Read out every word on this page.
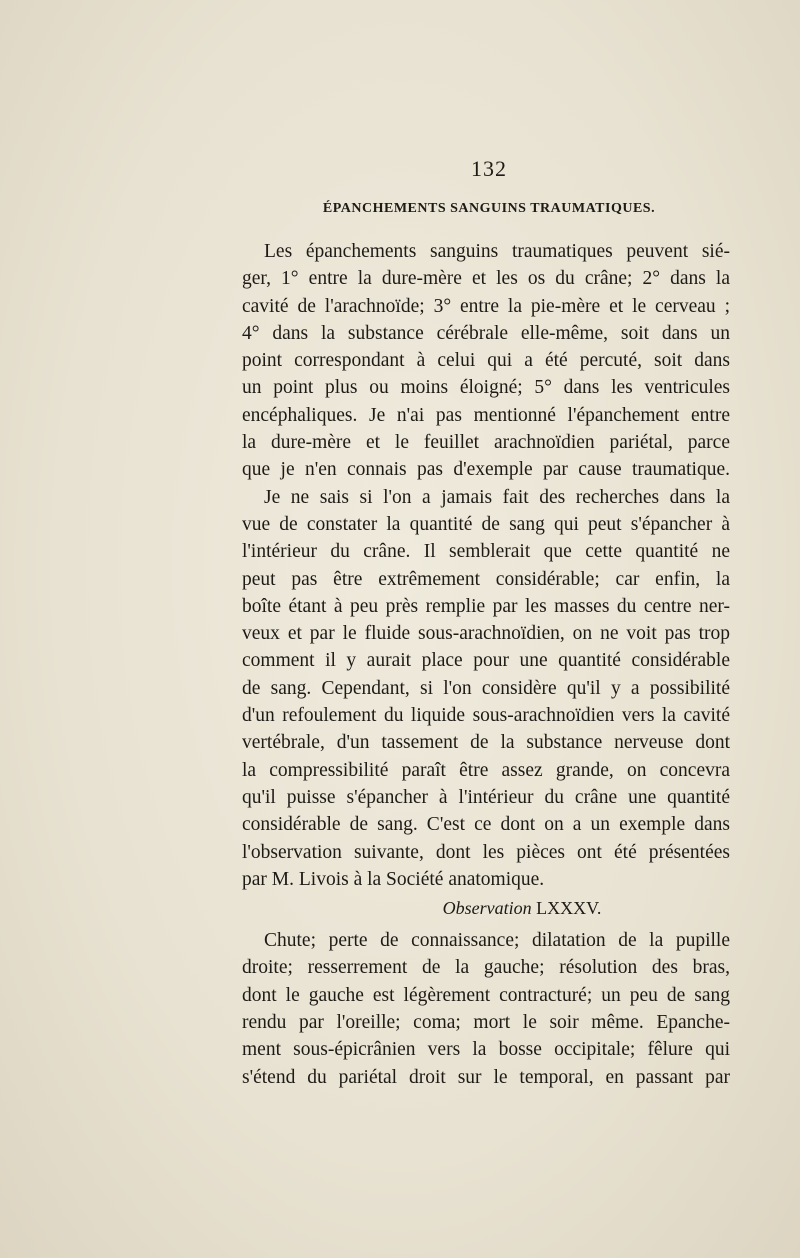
132
ÉPANCHEMENTS SANGUINS TRAUMATIQUES.
Les épanchements sanguins traumatiques peuvent sié-
ger, 1° entre la dure-mère et les os du crâne; 2° dans la
cavité de l'arachnoïde; 3° entre la pie-mère et le cerveau ;
4° dans la substance cérébrale elle-même, soit dans un
point correspondant à celui qui a été percuté, soit dans
un point plus ou moins éloigné; 5° dans les ventricules
encéphaliques. Je n'ai pas mentionné l'épanchement entre
la dure-mère et le feuillet arachnoïdien pariétal, parce
que je n'en connais pas d'exemple par cause traumatique.
Je ne sais si l'on a jamais fait des recherches dans la
vue de constater la quantité de sang qui peut s'épancher à
l'intérieur du crâne. Il semblerait que cette quantité ne
peut pas être extrêmement considérable; car enfin, la
boîte étant à peu près remplie par les masses du centre ner-
veux et par le fluide sous-arachnoïdien, on ne voit pas trop
comment il y aurait place pour une quantité considérable
de sang. Cependant, si l'on considère qu'il y a possibilité
d'un refoulement du liquide sous-arachnoïdien vers la cavité
vertébrale, d'un tassement de la substance nerveuse dont
la compressibilité paraît être assez grande, on concevra
qu'il puisse s'épancher à l'intérieur du crâne une quantité
considérable de sang. C'est ce dont on a un exemple dans
l'observation suivante, dont les pièces ont été présentées
par M. Livois à la Société anatomique.
Observation LXXXV.
Chute; perte de connaissance; dilatation de la pupille
droite; resserrement de la gauche; résolution des bras,
dont le gauche est légèrement contracturé; un peu de sang
rendu par l'oreille; coma; mort le soir même. Epanche-
ment sous-épicrânien vers la bosse occipitale; fêlure qui
s'étend du pariétal droit sur le temporal, en passant par
